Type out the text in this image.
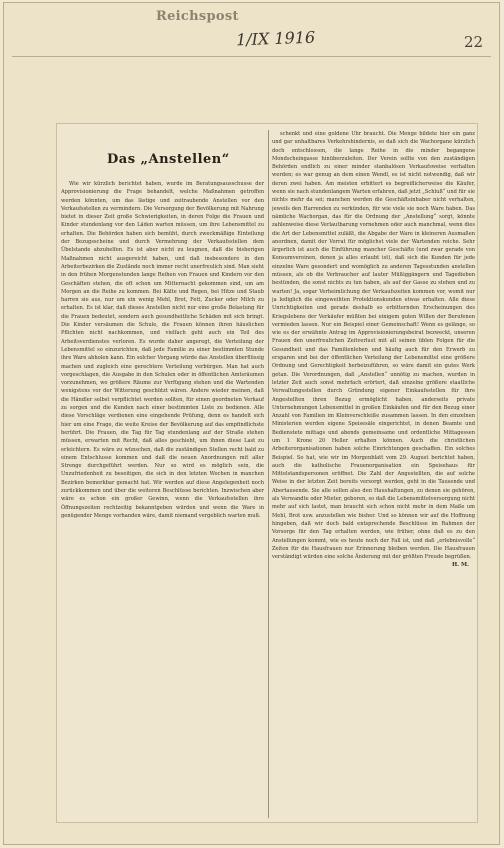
Reichspost
1/IX 1916	22
Das „Anstellen“

Wie wir kürzlich berichtet haben, wurde im Beratungsausschusse der Approvisionierung die Frage behandelt, welche Maßnahmen getroffen werden könnten, um das lästige und zeitraubende Anstellen vor den Verkaufsstellen zu vermindern. Die Versorgung der Bevölkerung mit Nahrung bietet in dieser Zeit große Schwierigkeiten, in deren Folge die Frauen und Kinder stundenlang vor den Läden warten müssen, um ihre Lebensmittel zu erhalten. Die Behörden haben sich bemüht, durch zweckmäßige Einteilung der Bezugsscheine und durch Vermehrung der Verkaufsstellen dem Übelstande abzuhelfen. Es ist aber nicht zu leugnen, daß die bisherigen Maßnahmen nicht ausgereicht haben, und daß insbesondere in den Arbeiterbezirken die Zustände noch immer recht unerfreulich sind. Man sieht in den frühen Morgenstunden lange Reihen von Frauen und Kindern vor den Geschäften stehen, die oft schon um Mitternacht gekommen sind, um am Morgen an die Reihe zu kommen. Bei Kälte und Regen, bei Hitze und Staub harren sie aus, nur um ein wenig Mehl, Brot, Fett, Zucker oder Milch zu erhalten. Es ist klar, daß dieses Anstellen nicht nur eine große Belastung für die Frauen bedeutet, sondern auch gesundheitliche Schäden mit sich bringt. Die Kinder versäumen die Schule, die Frauen können ihren häuslichen Pflichten nicht nachkommen, und vielfach geht auch ein Teil des Arbeitsverdienstes verloren. Es wurde daher angeregt, die Verteilung der Lebensmittel so einzurichten, daß jede Familie zu einer bestimmten Stunde ihre Ware abholen kann. Ein solcher Vorgang würde das Anstellen überflüssig machen und zugleich eine gerechtere Verteilung verbürgen. Man hat auch vorgeschlagen, die Ausgabe in den Schulen oder in öffentlichen Amtsräumen vorzunehmen, wo größere Räume zur Verfügung stehen und die Wartenden wenigstens vor der Witterung geschützt wären. Andere wieder meinen, daß die Händler selbst verpflichtet werden sollten, für einen geordneten Verkauf zu sorgen und die Kunden nach einer bestimmten Liste zu bedienen. Alle diese Vorschläge verdienen eine eingehende Prüfung, denn es handelt sich hier um eine Frage, die weite Kreise der Bevölkerung auf das empfindlichste berührt. Die Frauen, die Tag für Tag stundenlang auf der Straße stehen müssen, erwarten mit Recht, daß alles geschieht, um ihnen diese Last zu erleichtern. Es wäre zu wünschen, daß die zuständigen Stellen recht bald zu einem Entschlusse kommen und daß die neuen Anordnungen mit aller Strenge durchgeführt werden. Nur so wird es möglich sein, die Unzufriedenheit zu beseitigen, die sich in den letzten Wochen in manchen Bezirken bemerkbar gemacht hat. Wir werden auf diese Angelegenheit noch zurückkommen und über die weiteren Beschlüsse berichten. Inzwischen aber wäre es schon ein großer Gewinn, wenn die Verkaufsstellen ihre Öffnungszeiten rechtzeitig bekanntgeben würden und wenn die Ware in genügender Menge vorhanden wäre, damit niemand vergeblich warten muß.

schenkt und eine goldene Uhr braucht. Die Menge bildete hier ein ganz und gar unhaltbares Verkehrshindernis, so daß sich die Wachorgane kürzlich doch entschlossen, die lange Reihe in die minder begangene Mondscheingasse hinüberzuleiten. Der Verein sollte von den zuständigen Behörden endlich zu einer minder stanbalösen Verkaufsweise verhalten werden; es war genug an dem einen Wendl, es ist nicht notwendig, daß wir deren zwei haben. Am meisten erbittert es begreiflicherweise die Käufer, wenn sie nach stundenlangem Warten erfahren, daß jetzt „Schluß“ und für sie nichts mehr da sei; manchen werden die Geschäftsinhaber nicht verhalten, jeweils den Harrenden zu verkünden, für wie viele sie noch Ware haben. Das nämliche Wachorgan, das für die Ordnung der „Anstellung“ sorgt, könnte zahlenweise diese Verlautbarung vornehmen oder auch manchmal, wenn dies die Art der Lebensmittel zuläßt, die Abgabe der Ware in kleineren Ausmaßen anordnen, damit der Vorrat für möglichst viele der Wartenden reiche. Sehr ärgerlich ist auch die Einführung mancher Geschäfte (und zwar gerade von Konsumvereinen, denen ja alles erlaubt ist), daß sich die Kunden für jede einzelne Ware gesondert und womöglich zu anderen Tagesstunden anstellen müssen, als ob die Verbraucher auf lauter Müßiggängern und Tagedieben bestünden, die sonst nichts zu tun haben, als auf der Gasse zu stehen und zu warten! Ja, sogar Verheimlichung der Verkaufszeiten kommen vor, womit nur ja lediglich die eingeweihten Protektionskunden etwas erhalten. Alle diese Unrichtigkeiten und gerade deshalb so erbitternden Erscheinungen des Kriegslebens der Verkäufer müßten bei einigem guten Willen der Berufenen vermieden lassen. Nur ein Beispiel einer Gemeinschaft! Wenn es gelänge, so wie es der erwähnte Antrag im Approvisionierungsbeirat bezweckt, unseren Frauen den unerfreulichen Zeitverlust mit all seinen üblen Folgen für die Gesundheit und das Familienleben und häufig auch für den Erwerb zu ersparen und bei der öffentlichen Verteilung der Lebensmittel eine größere Ordnung und Gerechtigkeit herbeizuführen, so wäre damit ein gutes Werk getan. Die Verordnungen, daß „Anstellen“ unnötig zu machen, wurden in letzter Zeit auch sonst mehrfach erörtert, daß einzelne größere staatliche Verwaltungsstellen durch Gründung eigener Einkaufsstellen für ihre Angestellten ihren Bezug ermöglicht haben, anderseits private Unternehmungen Lebensmittel in großen Einkäufen und für den Bezug einer Anzahl von Familien im Kleinverschleiße zusammen lassen. In den einzelnen Ministerien werden eigene Speisesäle eingerichtet, in denen Beamte und Bedienstete mittags und abends gemeinsame und ordentliche Mittagessen um 1 Krone 20 Heller erhalten können. Auch die christlichen Arbeiterorganisationen haben solche Einrichtungen geschaffen. Ein solches Beispiel. So hat, wie wir im Morgenblatt vom 29. August berichtet haben, auch die katholische Frauenorganisation ein Speisehaus für Mittelstandspersonen eröffnet. Die Zahl der Angestellten, die auf solche Weise in der letzten Zeit bereits versorgt werden, geht in die Tausende und Abertausende. Sie alle sollen also den Haushaltungen, zu denen sie gehören, als Verwandte oder Mieter, geboren, so daß die Lebensmittelversorgung nicht mehr auf sich lastet, man braucht sich schon nicht mehr in dem Maße um Mehl, Brot usw. anzustellen wie bisher. Und so können wir auf die Hoffnung hingeben, daß wir doch bald entsprechende Beschlüsse im Rahmen der Vorsorge für den Tag erhalten werden, wie früher, ohne daß es zu den Anstellungen kommt, wie es heute noch der Fall ist, und daß „erlebnisvolle“ Zeiten für die Hausfrauen nur Erinnerung bleiben werden. Die Hausfrauen verständigt würden eine solche Änderung mit der größten Freude begrüßen.

H. M.
